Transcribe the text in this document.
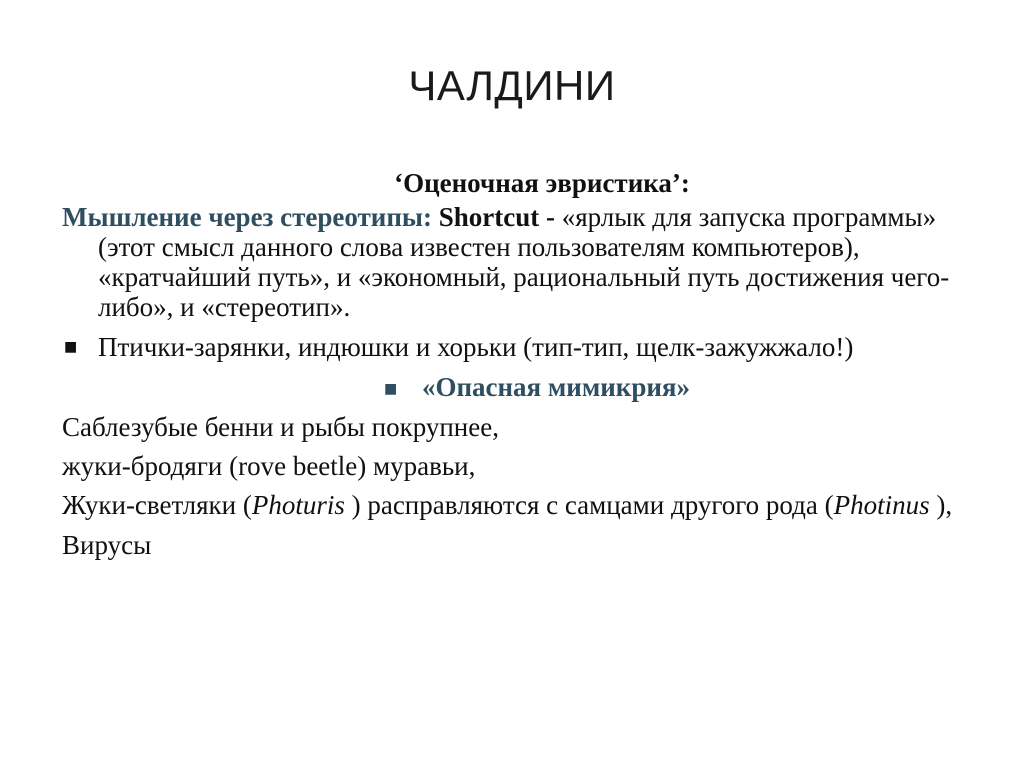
ЧАЛДИНИ
‘Оценочная эвристика’:
Мышление через стереотипы: Shortcut - «ярлык для запуска программы» (этот смысл данного слова известен пользователям компьютеров), «кратчайший путь», и «экономный, рациональный путь достижения чего-либо», и «стереотип».
■ Птички-зарянки, индюшки и хорьки (тип-тип, щелк-зажужжало!)
■ «Опасная мимикрия»
Саблезубые бенни и рыбы покрупнее,
жуки-бродяги (rove beetle) муравьи,
Жуки-светляки (Photuris ) расправляются с самцами другого рода (Photinus ),
Вирусы
